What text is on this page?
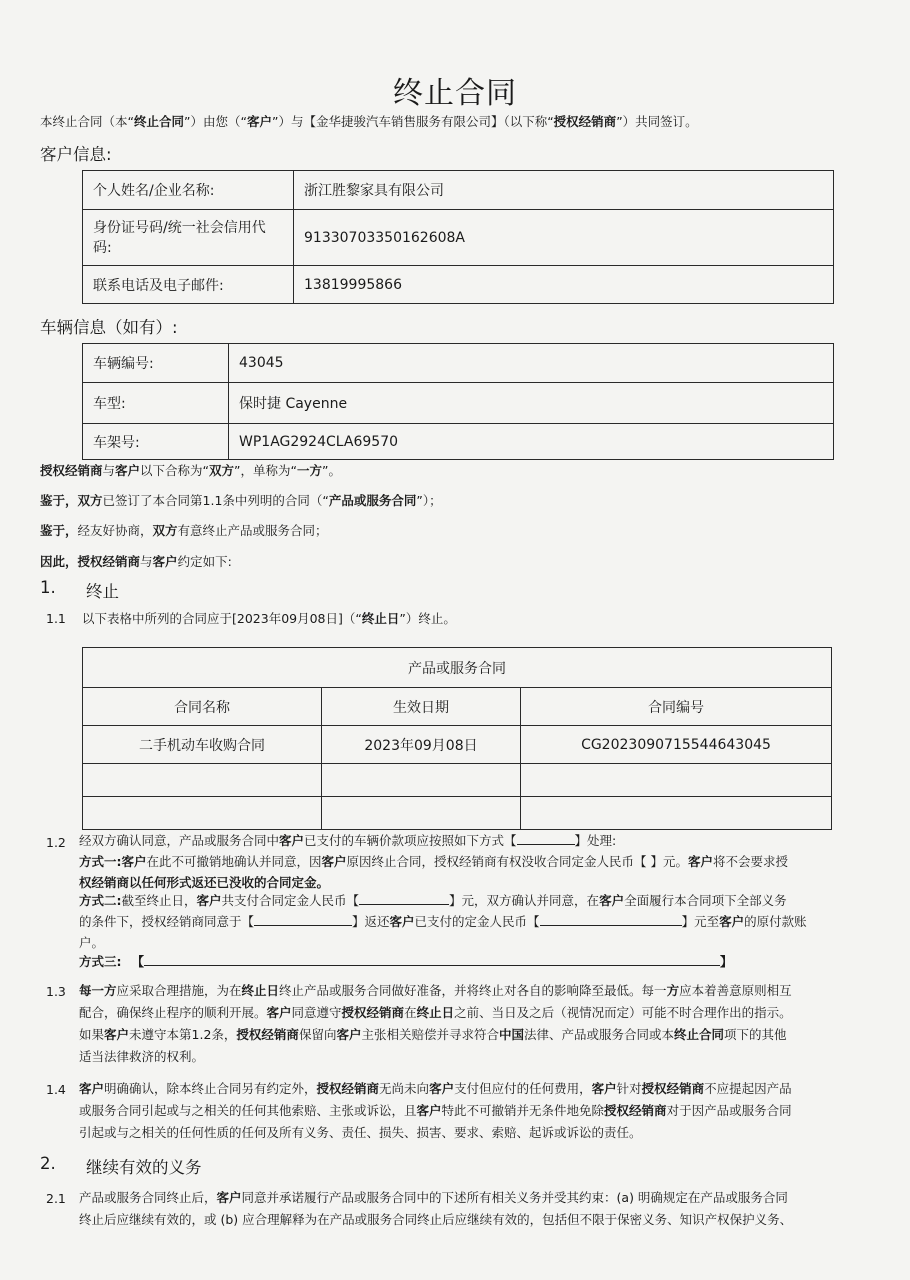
终止合同
本终止合同（本“终止合同”）由您（“客户”）与【金华捷骏汽车销售服务有限公司】（以下称“授权经销商”）共同签订。
客户信息:
个人姓名/企业名称:	浙江胜黎家具有限公司
身份证号码/统一社会信用代码:	91330703350162608A
联系电话及电子邮件:	13819995866
车辆信息（如有）:
车辆编号:	43045
车型:	保时捷 Cayenne
车架号:	WP1AG2924CLA69570
授权经销商与客户以下合称为“双方”，单称为“一方”。
鉴于，双方已签订了本合同第1.1条中列明的合同（“产品或服务合同”）；
鉴于，经友好协商，双方有意终止产品或服务合同；
因此，授权经销商与客户约定如下:
1. 终止
1.1 以下表格中所列的合同应于[2023年09月08日]（“终止日”）终止。
产品或服务合同		
合同名称	生效日期	合同编号
二手机动车收购合同	2023年09月08日	CG20230907155446430​45

1.2 经双方确认同意，产品或服务合同中客户已支付的车辆价款项应按照如下方式【	】处理:
方式一:客户在此不可撤销地确认并同意，因客户原因终止合同，授权经销商有权没收合同定金人民币【 】元。客户将不会要求授
权经销商以任何形式返还已没收的合同定金。
方式二:截至终止日，客户共支付合同定金人民币【	】元，双方确认并同意，在客户全面履行本合同项下全部义务
的条件下，授权经销商同意于【	】返还客户已支付的定金人民币【	】元至客户的原付款账
户。
方式三: 【	】
1.3 每一方应采取合理措施，为在终止日终止产品或服务合同做好准备，并将终止对各自的影响降至最低。每一方应本着善意原则相互
配合，确保终止程序的顺利开展。客户同意遵守授权经销商在终止日之前、当日及之后（视情况而定）可能不时合理作出的指示。
如果客户未遵守本第1.2条，授权经销商保留向客户主张相关赔偿并寻求符合中国法律、产品或服务合同或本终止合同项下的其他
适当法律救济的权利。
1.4 客户明确确认，除本终止合同另有约定外，授权经销商无尚未向客户支付但应付的任何费用，客户针对授权经销商不应提起因产品
或服务合同引起或与之相关的任何其他索赔、主张或诉讼，且客户特此不可撤销并无条件地免除授权经销商对于因产品或服务合同
引起或与之相关的任何性质的任何及所有义务、责任、损失、损害、要求、索赔、起诉或诉讼的责任。
2. 继续有效的义务
2.1 产品或服务合同终止后，客户同意并承诺履行产品或服务合同中的下述所有相关义务并受其约束：(a) 明确规定在产品或服务合同
终止后应继续有效的，或 (b) 应合理解释为在产品或服务合同终止后应继续有效的，包括但不限于保密义务、知识产权保护义务、
